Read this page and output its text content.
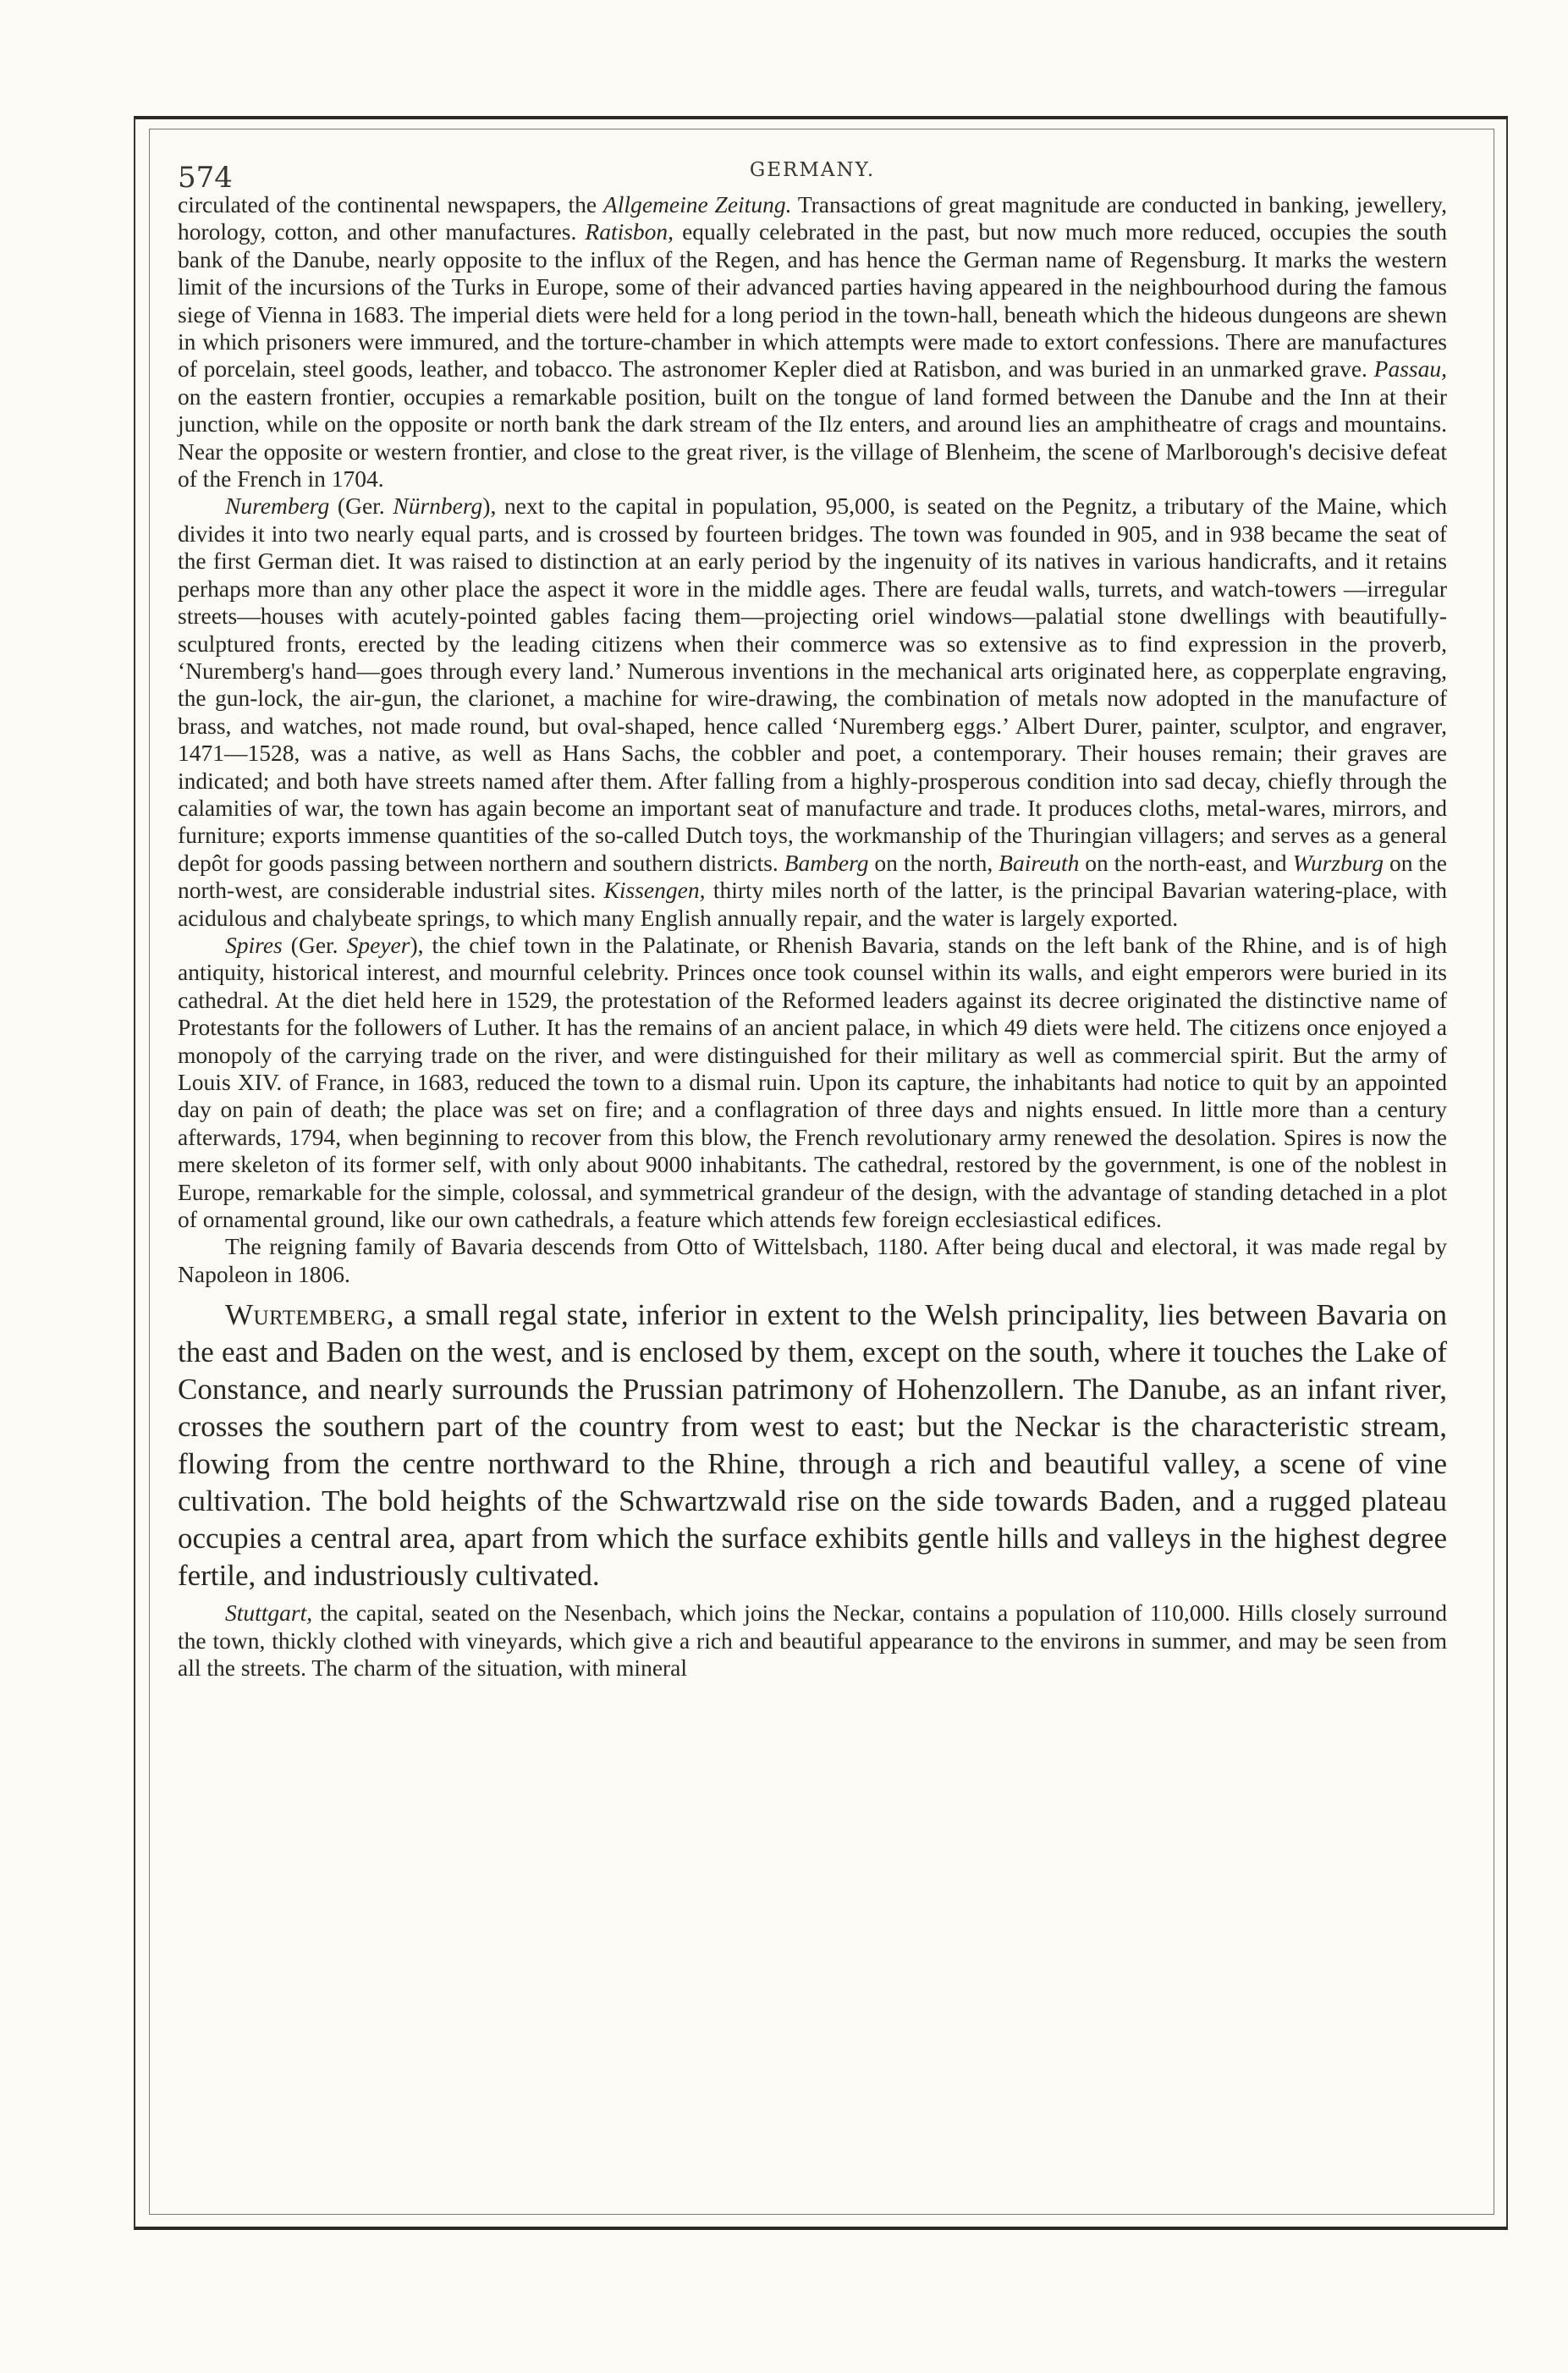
574	GERMANY.

circulated of the continental newspapers, the Allgemeine Zeitung. Transactions of great magnitude are conducted in banking, jewellery, horology, cotton, and other manufactures. Ratisbon, equally celebrated in the past, but now much more reduced, occupies the south bank of the Danube, nearly opposite to the influx of the Regen, and has hence the German name of Regensburg. It marks the western limit of the incursions of the Turks in Europe, some of their advanced parties having appeared in the neighbourhood during the famous siege of Vienna in 1683. The imperial diets were held for a long period in the town-hall, beneath which the hideous dungeons are shewn in which prisoners were immured, and the torture-chamber in which attempts were made to extort confessions. There are manufactures of porcelain, steel goods, leather, and tobacco. The astronomer Kepler died at Ratisbon, and was buried in an unmarked grave. Passau, on the eastern frontier, occupies a remarkable position, built on the tongue of land formed between the Danube and the Inn at their junction, while on the opposite or north bank the dark stream of the Ilz enters, and around lies an amphitheatre of crags and mountains. Near the opposite or western frontier, and close to the great river, is the village of Blenheim, the scene of Marlborough's decisive defeat of the French in 1704.

Nuremberg (Ger. Nürnberg), next to the capital in population, 95,000, is seated on the Pegnitz, a tributary of the Maine, which divides it into two nearly equal parts, and is crossed by fourteen bridges. The town was founded in 905, and in 938 became the seat of the first German diet. It was raised to distinction at an early period by the ingenuity of its natives in various handicrafts, and it retains perhaps more than any other place the aspect it wore in the middle ages. There are feudal walls, turrets, and watch-towers —irregular streets—houses with acutely-pointed gables facing them—projecting oriel windows—palatial stone dwellings with beautifully-sculptured fronts, erected by the leading citizens when their commerce was so extensive as to find expression in the proverb, ‘Nuremberg's hand—goes through every land.’ Numerous inventions in the mechanical arts originated here, as copperplate engraving, the gun-lock, the air-gun, the clarionet, a machine for wire-drawing, the combination of metals now adopted in the manufacture of brass, and watches, not made round, but oval-shaped, hence called ‘Nuremberg eggs.’ Albert Durer, painter, sculptor, and engraver, 1471—1528, was a native, as well as Hans Sachs, the cobbler and poet, a contemporary. Their houses remain; their graves are indicated; and both have streets named after them. After falling from a highly-prosperous condition into sad decay, chiefly through the calamities of war, the town has again become an important seat of manufacture and trade. It produces cloths, metal-wares, mirrors, and furniture; exports immense quantities of the so-called Dutch toys, the workmanship of the Thuringian villagers; and serves as a general depôt for goods passing between northern and southern districts. Bamberg on the north, Baireuth on the north-east, and Wurzburg on the north-west, are considerable industrial sites. Kissengen, thirty miles north of the latter, is the principal Bavarian watering-place, with acidulous and chalybeate springs, to which many English annually repair, and the water is largely exported.

Spires (Ger. Speyer), the chief town in the Palatinate, or Rhenish Bavaria, stands on the left bank of the Rhine, and is of high antiquity, historical interest, and mournful celebrity. Princes once took counsel within its walls, and eight emperors were buried in its cathedral. At the diet held here in 1529, the protestation of the Reformed leaders against its decree originated the distinctive name of Protestants for the followers of Luther. It has the remains of an ancient palace, in which 49 diets were held. The citizens once enjoyed a monopoly of the carrying trade on the river, and were distinguished for their military as well as commercial spirit. But the army of Louis XIV. of France, in 1683, reduced the town to a dismal ruin. Upon its capture, the inhabitants had notice to quit by an appointed day on pain of death; the place was set on fire; and a conflagration of three days and nights ensued. In little more than a century afterwards, 1794, when beginning to recover from this blow, the French revolutionary army renewed the desolation. Spires is now the mere skeleton of its former self, with only about 9000 inhabitants. The cathedral, restored by the government, is one of the noblest in Europe, remarkable for the simple, colossal, and symmetrical grandeur of the design, with the advantage of standing detached in a plot of ornamental ground, like our own cathedrals, a feature which attends few foreign ecclesiastical edifices.

The reigning family of Bavaria descends from Otto of Wittelsbach, 1180. After being ducal and electoral, it was made regal by Napoleon in 1806.

Wurtemberg, a small regal state, inferior in extent to the Welsh principality, lies between Bavaria on the east and Baden on the west, and is enclosed by them, except on the south, where it touches the Lake of Constance, and nearly surrounds the Prussian patrimony of Hohenzollern. The Danube, as an infant river, crosses the southern part of the country from west to east; but the Neckar is the characteristic stream, flowing from the centre northward to the Rhine, through a rich and beautiful valley, a scene of vine cultivation. The bold heights of the Schwartzwald rise on the side towards Baden, and a rugged plateau occupies a central area, apart from which the surface exhibits gentle hills and valleys in the highest degree fertile, and industriously cultivated.

Stuttgart, the capital, seated on the Nesenbach, which joins the Neckar, contains a population of 110,000. Hills closely surround the town, thickly clothed with vineyards, which give a rich and beautiful appearance to the environs in summer, and may be seen from all the streets. The charm of the situation, with mineral
